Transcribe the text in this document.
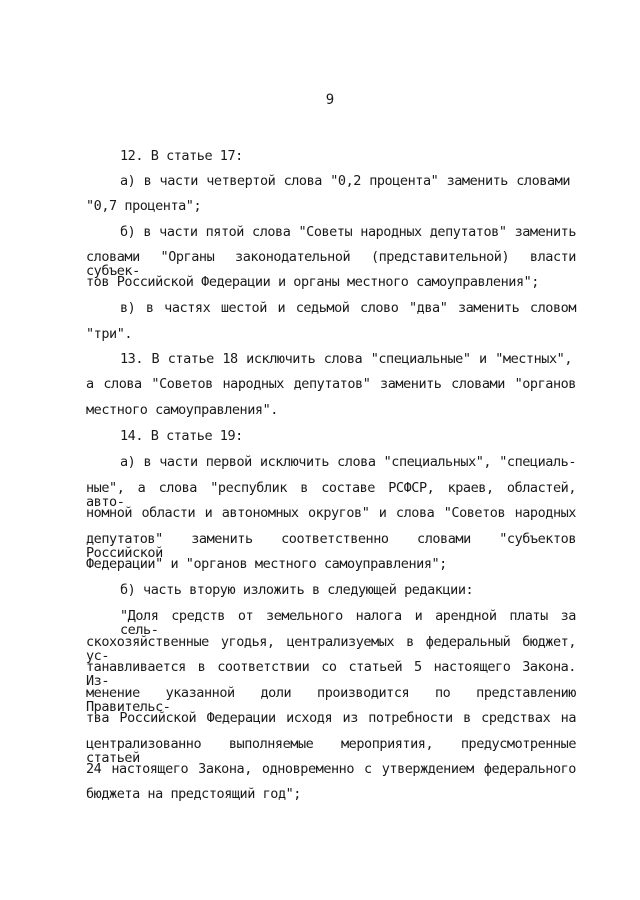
9
12. В статье 17:
а) в части четвертой слова "0,2 процента" заменить словами
"0,7 процента";
б) в части пятой слова "Советы народных депутатов" заменить
словами "Органы законодательной (представительной) власти субъек-
тов Российской Федерации и органы местного самоуправления";
в) в частях шестой и седьмой слово "два" заменить словом
"три".
13. В статье 18 исключить слова "специальные" и "местных",
а слова "Советов народных депутатов" заменить словами "органов
местного самоуправления".
14. В статье 19:
а) в части первой исключить слова "специальных", "специаль-
ные", а слова "республик в составе РСФСР, краев, областей, авто-
номной области и автономных округов" и слова "Советов народных
депутатов" заменить соответственно словами "субъектов Российской
Федерации" и "органов местного самоуправления";
б) часть вторую изложить в следующей редакции:
"Доля средств от земельного налога и арендной платы за сель-
скохозяйственные угодья, централизуемых в федеральный бюджет, ус-
танавливается в соответствии со статьей 5 настоящего Закона. Из-
менение указанной доли производится по представлению Правительс-
тва Российской Федерации исходя из потребности в средствах на
централизованно выполняемые мероприятия, предусмотренные статьей
24 настоящего Закона, одновременно с утверждением федерального
бюджета на предстоящий год";
